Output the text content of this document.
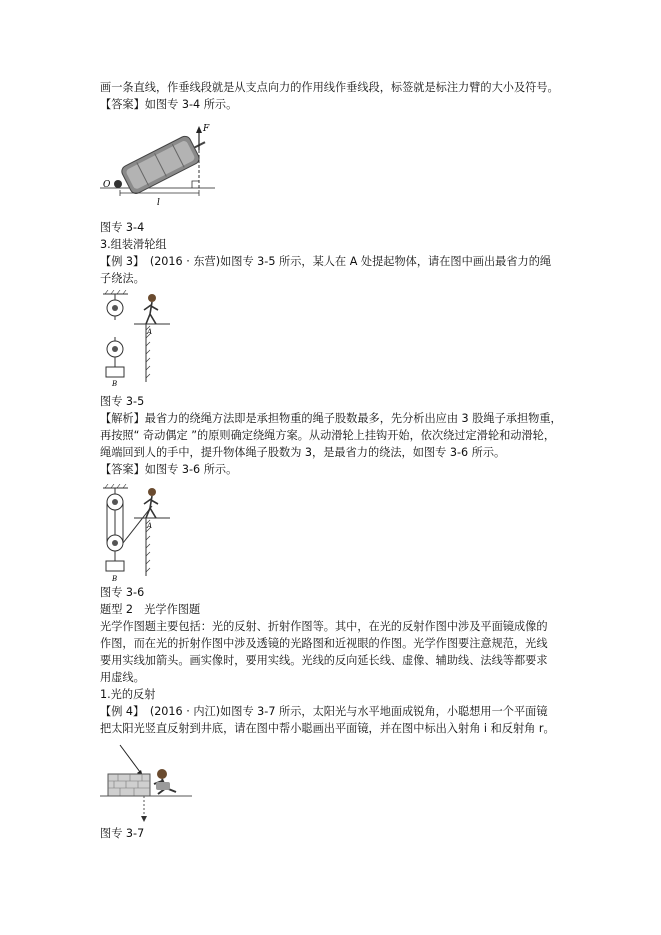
画一条直线，作垂线段就是从支点向力的作用线作垂线段，标签就是标注力臂的大小及符号。
【答案】如图专 3-4 所示。
F
O
l
图专 3-4
3.组装滑轮组
【例 3】　(2016 · 东营)如图专 3-5 所示，某人在 A 处提起物体，请在图中画出最省力的绳
子绕法。
B
A
图专 3-5
【解析】最省力的绕绳方法即是承担物重的绳子股数最多，先分析出应由 3 股绳子承担物重，
再按照“ 奇动偶定 ”的原则确定绕绳方案。从动滑轮上挂钩开始，依次绕过定滑轮和动滑轮，
绳端回到人的手中，提升物体绳子股数为 3，是最省力的绕法，如图专 3-6 所示。
【答案】如图专 3-6 所示。
B
A
图专 3-6
题型 2　光学作图题
光学作图题主要包括：光的反射、折射作图等。其中，在光的反射作图中涉及平面镜成像的
作图，而在光的折射作图中涉及透镜的光路图和近视眼的作图。光学作图要注意规范，光线
要用实线加箭头。画实像时，要用实线。光线的反向延长线、虚像、辅助线、法线等都要求
用虚线。
1.光的反射
【例 4】　(2016 · 内江)如图专 3-7 所示，太阳光与水平地面成锐角，小聪想用一个平面镜
把太阳光竖直反射到井底，请在图中帮小聪画出平面镜，并在图中标出入射角 i 和反射角 r。
图专 3-7
